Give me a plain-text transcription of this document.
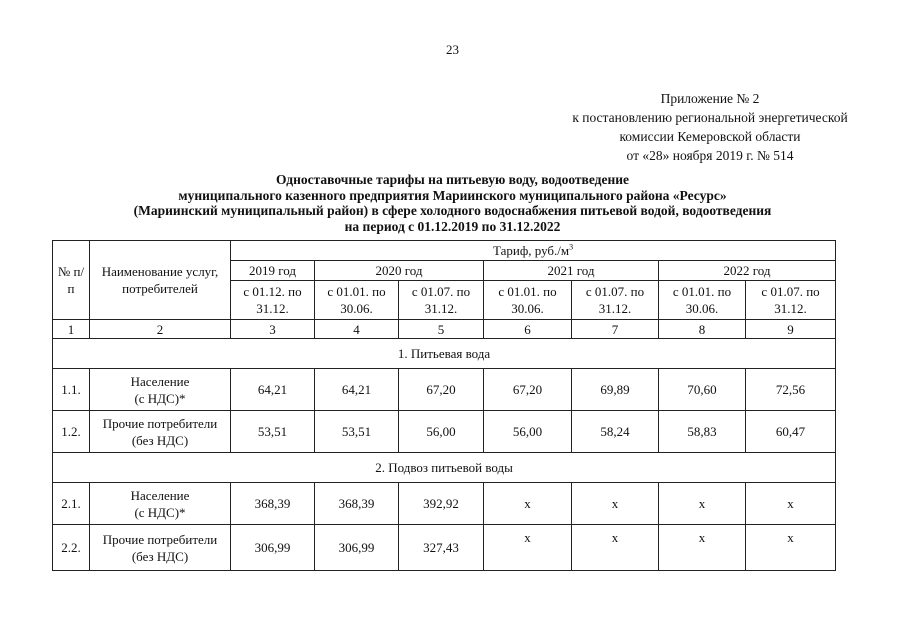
23
Приложение № 2
к постановлению региональной энергетической
комиссии Кемеровской области
от «28» ноября 2019 г. № 514
Одноставочные тарифы на питьевую воду, водоотведение
муниципального казенного предприятия Мариинского муниципального района «Ресурс»
(Мариинский муниципальный район) в сфере холодного водоснабжения питьевой водой, водоотведения
на период с 01.12.2019 по 31.12.2022
№ п/п	Наименование услуг, потребителей	Тариф, $руб./м^3$
		2019 год	2020 год		2021 год		2022 год	
		с 01.12. по 31.12.	с 01.01. по 30.06.	с 01.07. по 31.12.	с 01.01. по 30.06.	с 01.07. по 31.12.	с 01.01. по 30.06.	с 01.07. по 31.12.
1	2	3	4	5	6	7	8	9
1. Питьевая вода								
1.1.	Население
(с НДС)*	64,21	64,21	67,20	67,20	69,89	70,60	72,56
1.2.	Прочие потребители
(без НДС)	53,51	53,51	56,00	56,00	58,24	58,83	60,47
2. Подвоз питьевой воды								
2.1.	Население
(с НДС)*	368,39	368,39	392,92	х	х	х	х
2.2.	Прочие потребители
(без НДС)	306,99	306,99	327,43	х	х	х	х
